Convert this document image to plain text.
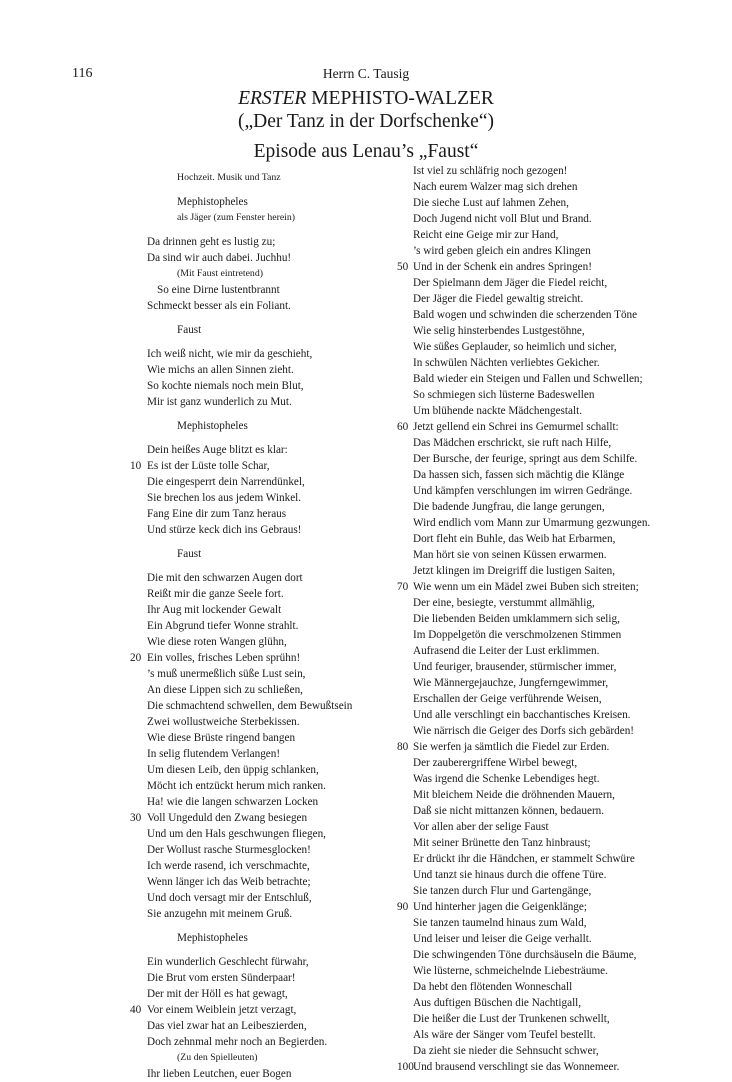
116	Herrn C. Tausig
ERSTER MEPHISTO-WALZER
(„Der Tanz in der Dorfschenke“)
Episode aus Lenau’s „Faust“
Hochzeit. Musik und Tanz
Mephistopheles
als Jäger (zum Fenster herein)
Da drinnen geht es lustig zu;
Da sind wir auch dabei. Juchhu!
(Mit Faust eintretend)
So eine Dirne lustentbrannt
Schmeckt besser als ein Foliant.
Faust
Ich weiß nicht, wie mir da geschieht,
Wie michs an allen Sinnen zieht.
So kochte niemals noch mein Blut,
Mir ist ganz wunderlich zu Mut.
Mephistopheles
Dein heißes Auge blitzt es klar:
10 Es ist der Lüste tolle Schar,
Die eingesperrt dein Narrendünkel,
Sie brechen los aus jedem Winkel.
Fang Eine dir zum Tanz heraus
Und stürze keck dich ins Gebraus!
Faust
Die mit den schwarzen Augen dort
Reißt mir die ganze Seele fort.
Ihr Aug mit lockender Gewalt
Ein Abgrund tiefer Wonne strahlt.
Wie diese roten Wangen glühn,
20 Ein volles, frisches Leben sprühn!
’s muß unermeßlich süße Lust sein,
An diese Lippen sich zu schließen,
Die schmachtend schwellen, dem Bewußtsein
Zwei wollustweiche Sterbekissen.
Wie diese Brüste ringend bangen
In selig flutendem Verlangen!
Um diesen Leib, den üppig schlanken,
Möcht ich entzückt herum mich ranken.
Ha! wie die langen schwarzen Locken
30 Voll Ungeduld den Zwang besiegen
Und um den Hals geschwungen fliegen,
Der Wollust rasche Sturmesglocken!
Ich werde rasend, ich verschmachte,
Wenn länger ich das Weib betrachte;
Und doch versagt mir der Entschluß,
Sie anzugehn mit meinem Gruß.
Mephistopheles
Ein wunderlich Geschlecht fürwahr,
Die Brut vom ersten Sünderpaar!
Der mit der Höll es hat gewagt,
40 Vor einem Weiblein jetzt verzagt,
Das viel zwar hat an Leibeszierden,
Doch zehnmal mehr noch an Begierden.
(Zu den Spielleuten)
Ihr lieben Leutchen, euer Bogen
Ist viel zu schläfrig noch gezogen!
Nach eurem Walzer mag sich drehen
Die sieche Lust auf lahmen Zehen,
Doch Jugend nicht voll Blut und Brand.
Reicht eine Geige mir zur Hand,
’s wird geben gleich ein andres Klingen
50 Und in der Schenk ein andres Springen!
Der Spielmann dem Jäger die Fiedel reicht,
Der Jäger die Fiedel gewaltig streicht.
Bald wogen und schwinden die scherzenden Töne
Wie selig hinsterbendes Lustgestöhne,
Wie süßes Geplauder, so heimlich und sicher,
In schwülen Nächten verliebtes Gekicher.
Bald wieder ein Steigen und Fallen und Schwellen;
So schmiegen sich lüsterne Badeswellen
Um blühende nackte Mädchengestalt.
60 Jetzt gellend ein Schrei ins Gemurmel schallt:
Das Mädchen erschrickt, sie ruft nach Hilfe,
Der Bursche, der feurige, springt aus dem Schilfe.
Da hassen sich, fassen sich mächtig die Klänge
Und kämpfen verschlungen im wirren Gedränge.
Die badende Jungfrau, die lange gerungen,
Wird endlich vom Mann zur Umarmung gezwungen.
Dort fleht ein Buhle, das Weib hat Erbarmen,
Man hört sie von seinen Küssen erwarmen.
Jetzt klingen im Dreigriff die lustigen Saiten,
70 Wie wenn um ein Mädel zwei Buben sich streiten;
Der eine, besiegte, verstummt allmählig,
Die liebenden Beiden umklammern sich selig,
Im Doppelgetön die verschmolzenen Stimmen
Aufrasend die Leiter der Lust erklimmen.
Und feuriger, brausender, stürmischer immer,
Wie Männergejauchze, Jungferngewimmer,
Erschallen der Geige verführende Weisen,
Und alle verschlingt ein bacchantisches Kreisen.
Wie närrisch die Geiger des Dorfs sich gebärden!
80 Sie werfen ja sämtlich die Fiedel zur Erden.
Der zauberergriffene Wirbel bewegt,
Was irgend die Schenke Lebendiges hegt.
Mit bleichem Neide die dröhnenden Mauern,
Daß sie nicht mittanzen können, bedauern.
Vor allen aber der selige Faust
Mit seiner Brünette den Tanz hinbraust;
Er drückt ihr die Händchen, er stammelt Schwüre
Und tanzt sie hinaus durch die offene Türe.
Sie tanzen durch Flur und Gartengänge,
90 Und hinterher jagen die Geigenklänge;
Sie tanzen taumelnd hinaus zum Wald,
Und leiser und leiser die Geige verhallt.
Die schwingenden Töne durchsäuseln die Bäume,
Wie lüsterne, schmeichelnde Liebesträume.
Da hebt den flötenden Wonneschall
Aus duftigen Büschen die Nachtigall,
Die heißer die Lust der Trunkenen schwellt,
Als wäre der Sänger vom Teufel bestellt.
Da zieht sie nieder die Sehnsucht schwer,
100 Und brausend verschlingt sie das Wonnemeer.
